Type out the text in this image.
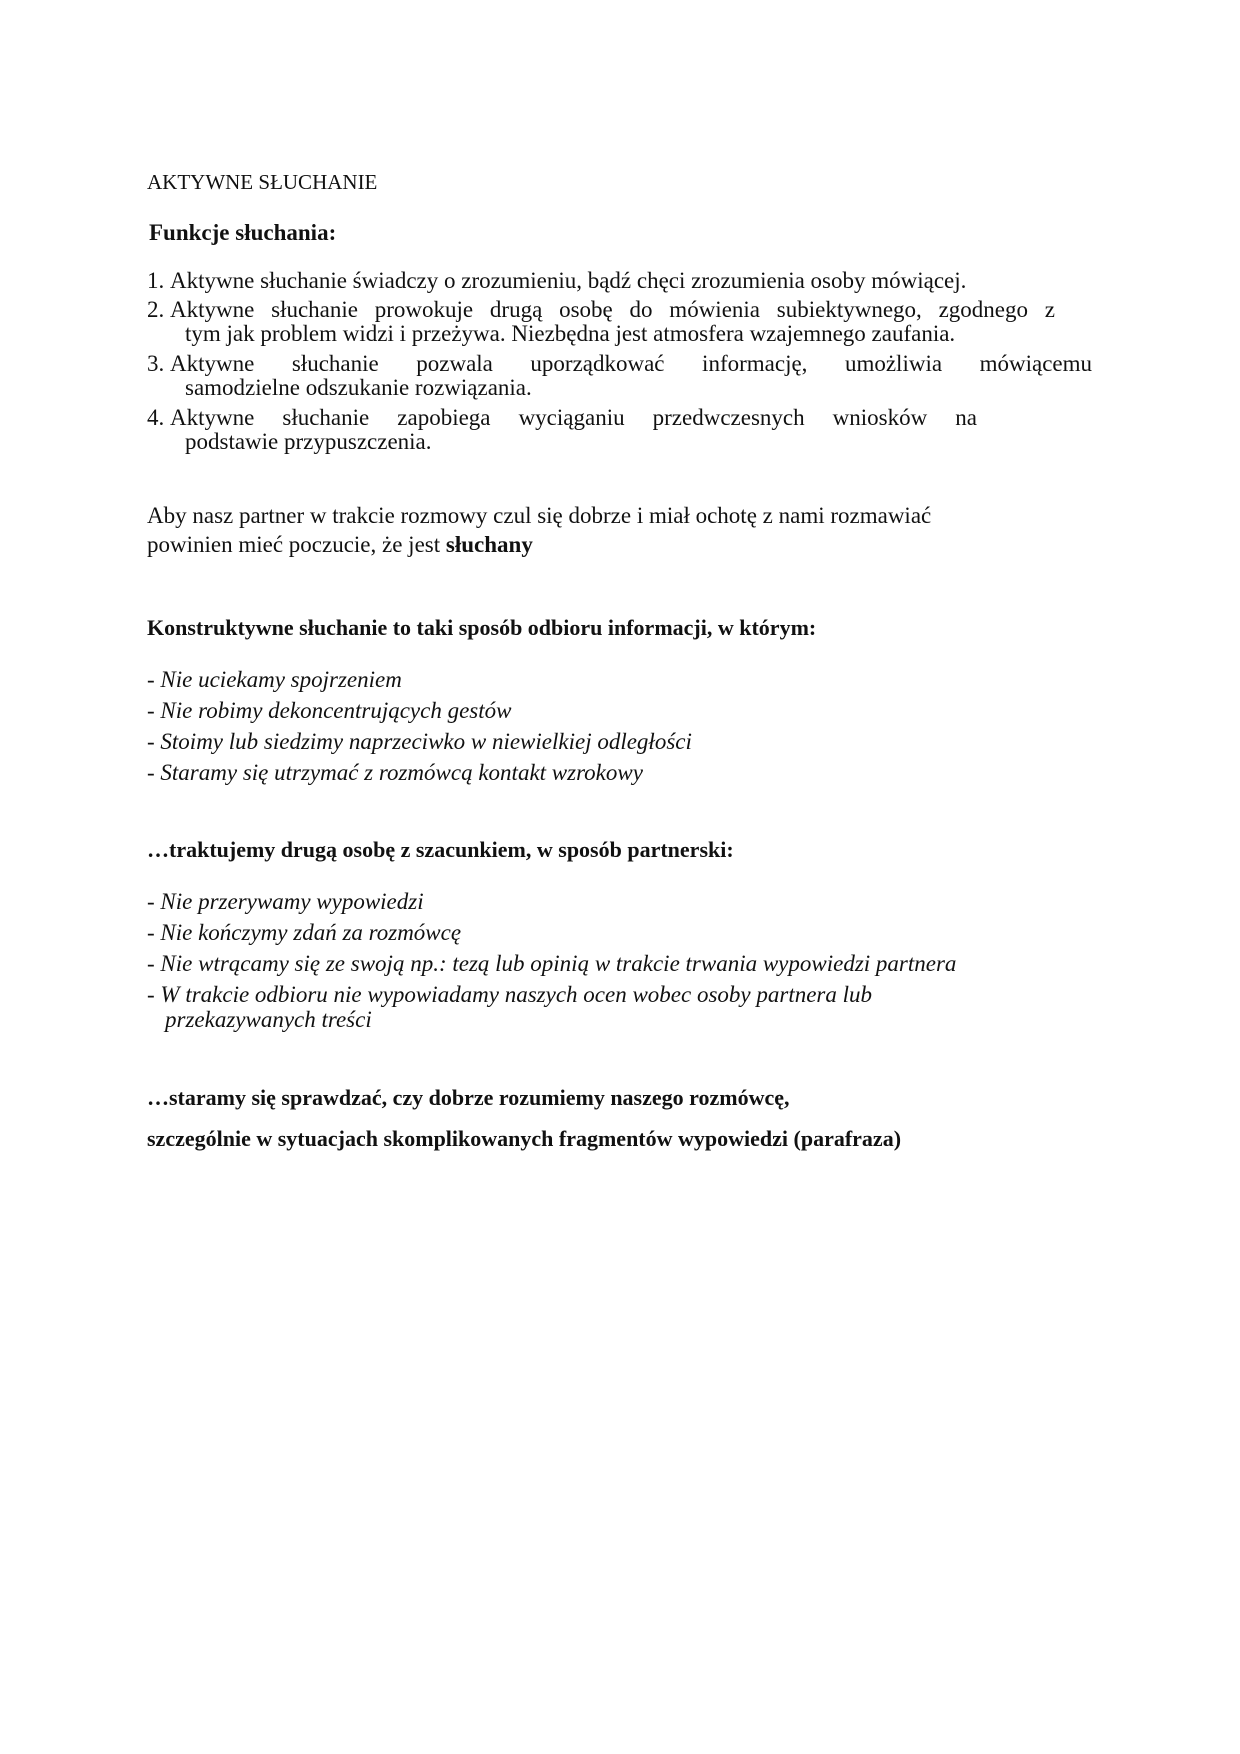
AKTYWNE SŁUCHANIE
Funkcje słuchania:
1. Aktywne słuchanie świadczy o zrozumieniu, bądź chęci zrozumienia osoby mówiącej.
2. Aktywne słuchanie prowokuje drugą osobę do mówienia subiektywnego, zgodnego z
tym jak problem widzi i przeżywa. Niezbędna jest atmosfera wzajemnego zaufania.
3. Aktywne słuchanie pozwala uporządkować informację, umożliwia mówiącemu
samodzielne odszukanie rozwiązania.
4. Aktywne słuchanie zapobiega wyciąganiu przedwczesnych wniosków na
podstawie przypuszczenia.
Aby nasz partner w trakcie rozmowy czul się dobrze i miał ochotę z nami rozmawiać
powinien mieć poczucie, że jest słuchany
Konstruktywne słuchanie to taki sposób odbioru informacji, w którym:
- Nie uciekamy spojrzeniem
- Nie robimy dekoncentrujących gestów
- Stoimy lub siedzimy naprzeciwko w niewielkiej odległości
- Staramy się utrzymać z rozmówcą kontakt wzrokowy
…traktujemy drugą osobę z szacunkiem, w sposób partnerski:
- Nie przerywamy wypowiedzi
- Nie kończymy zdań za rozmówcę
- Nie wtrącamy się ze swoją np.: tezą lub opinią w trakcie trwania wypowiedzi partnera
- W trakcie odbioru nie wypowiadamy naszych ocen wobec osoby partnera lub
przekazywanych treści
…staramy się sprawdzać, czy dobrze rozumiemy naszego rozmówcę,
szczególnie w sytuacjach skomplikowanych fragmentów wypowiedzi (parafraza)
